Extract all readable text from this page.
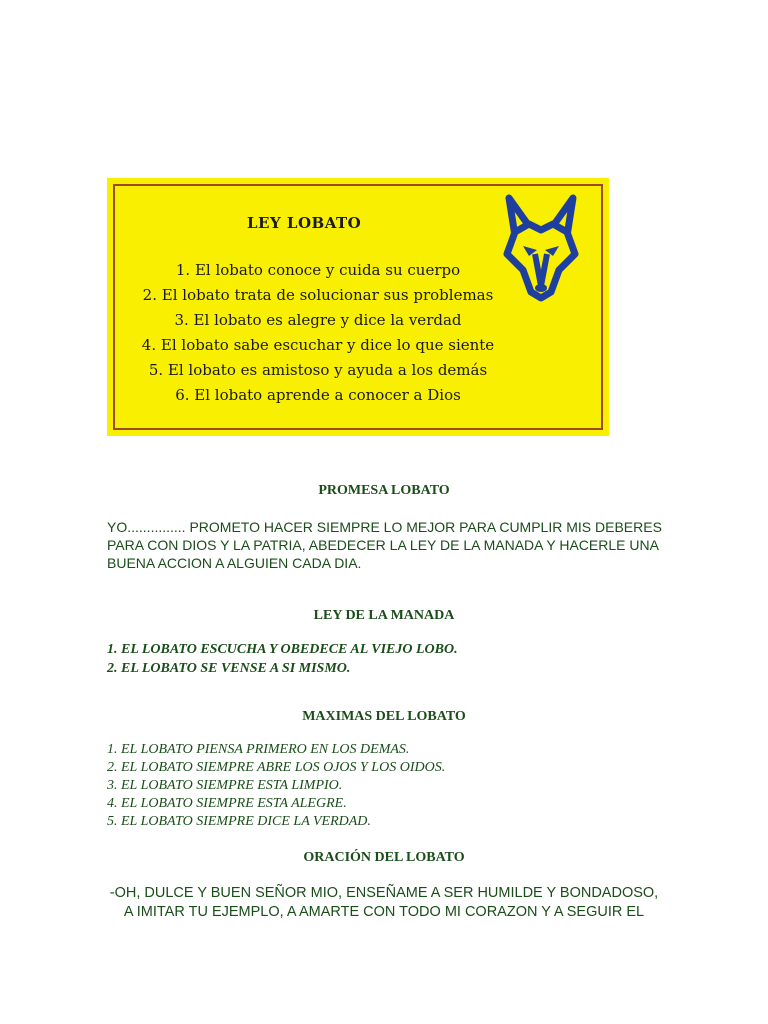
LEY LOBATO
1. El lobato conoce y cuida su cuerpo
2. El lobato trata de solucionar sus problemas
3. El lobato es alegre y dice la verdad
4. El lobato sabe escuchar y dice lo que siente
5. El lobato es amistoso y ayuda a los demás
6. El lobato aprende a conocer a Dios
PROMESA LOBATO

YO............... PROMETO HACER SIEMPRE LO MEJOR PARA CUMPLIR MIS DEBERES PARA CON DIOS Y LA PATRIA, ABEDECER LA LEY DE LA MANADA Y HACERLE UNA BUENA ACCION A ALGUIEN CADA DIA.

LEY DE LA MANADA
1. EL LOBATO ESCUCHA Y OBEDECE AL VIEJO LOBO.
2. EL LOBATO SE VENSE A SI MISMO.
MAXIMAS DEL LOBATO
1. EL LOBATO PIENSA PRIMERO EN LOS DEMAS.
2. EL LOBATO SIEMPRE ABRE LOS OJOS Y LOS OIDOS.
3. EL LOBATO SIEMPRE ESTA LIMPIO.
4. EL LOBATO SIEMPRE ESTA ALEGRE.
5. EL LOBATO SIEMPRE DICE LA VERDAD.
ORACIÓN DEL LOBATO

-OH, DULCE Y BUEN SEÑOR MIO, ENSEÑAME A SER HUMILDE Y BONDADOSO,
A IMITAR TU EJEMPLO, A AMARTE CON TODO MI CORAZON Y A SEGUIR EL
